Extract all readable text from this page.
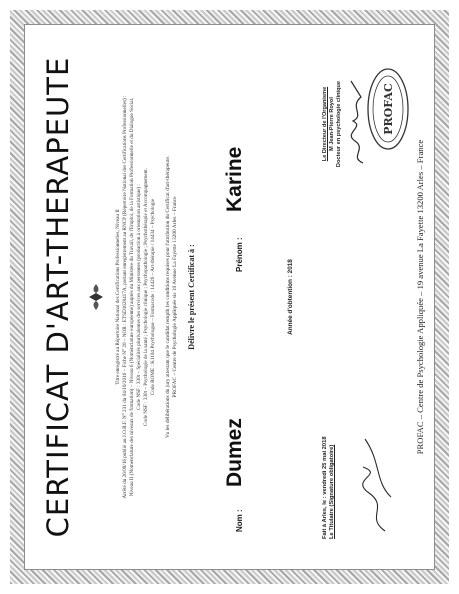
CERTIFICAT D'ART-THERAPEUTE	Titre enregistré au Répertoire National des Certifications Professionnelles, Niveau II Arrêté du 26/09/16 publié au J.O.R.F. N° 231 du 04/10/2016 – Fiche N° 20 – NOR : ETSD1628417A, portant enregistrement au RNCP (Répertoire National des Certifications Professionnelles) : Niveau II (Nomenclature des niveaux de formation) – Niveau 6 (Nomenclature européenne) auprès du Ministère du Travail, de l'Emploi, de la Formation Professionnelle et du Dialogue Social. Code NSF : 330t – Spécialités plurivalentes des services aux personnes (production à orientation artistique) : Code NSF : 330t – Psychologie de la santé ; Psychologie clinique ; Psychopathologie ; Psychothérapie et Accompagnement. Code ROME : K1104 Psychologue – Formacode : 14426 – Art-thérapie / 14434 – Psychologie Vu les délibérations du jury attestant que le candidat remplit les conditions requises pour l'attribution du Certificat d'art-thérapeute. PROFAC – Centre de Psychologie Appliquée sis 19 Avenue La Fayette 13200 Arles – France Délivre le présent Certificat à :
Nom :
Dumez
Prénom :
Karine
Année d'obtention : 2018
Fait à Arles, le : vendredi 25 mai 2018 Le Titulaire (Signature obligatoire)
Le Directeur de l'Organisme M Jean-Pierre Royol Docteur en psychologie clinique	PROFAC
PROFAC – Centre de Psychologie Appliquée – 19 avenue La Fayette 13200 Arles – France
